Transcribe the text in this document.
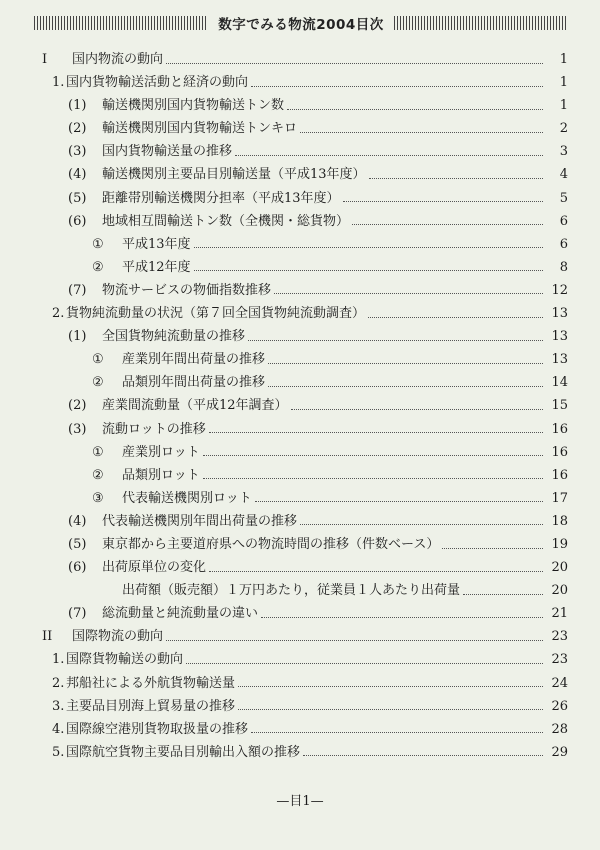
数字でみる物流2004目次
I	国内物流の動向	1
1. 国内貨物輸送活動と経済の動向	1
(1)	輸送機関別国内貨物輸送トン数	1
(2)	輸送機関別国内貨物輸送トンキロ	2
(3)	国内貨物輸送量の推移	3
(4)	輸送機関別主要品目別輸送量（平成13年度）	4
(5)	距離帯別輸送機関分担率（平成13年度）	5
(6)	地域相互間輸送トン数（全機関・総貨物）	6
①	平成13年度	6
②	平成12年度	8
(7)	物流サービスの物価指数推移	12
2. 貨物純流動量の状況（第７回全国貨物純流動調査）	13
(1)	全国貨物純流動量の推移	13
①	産業別年間出荷量の推移	13
②	品類別年間出荷量の推移	14
(2)	産業間流動量（平成12年調査）	15
(3)	流動ロットの推移	16
①	産業別ロット	16
②	品類別ロット	16
③	代表輸送機関別ロット	17
(4)	代表輸送機関別年間出荷量の推移	18
(5)	東京都から主要道府県への物流時間の推移（件数ベース）	19
(6)	出荷原単位の変化	20
出荷額（販売額）１万円あたり，従業員１人あたり出荷量	20
(7)	総流動量と純流動量の違い	21
II	国際物流の動向	23
1. 国際貨物輸送の動向	23
2. 邦船社による外航貨物輸送量	24
3. 主要品目別海上貿易量の推移	26
4. 国際線空港別貨物取扱量の推移	28
5. 国際航空貨物主要品目別輸出入額の推移	29
—目1—
